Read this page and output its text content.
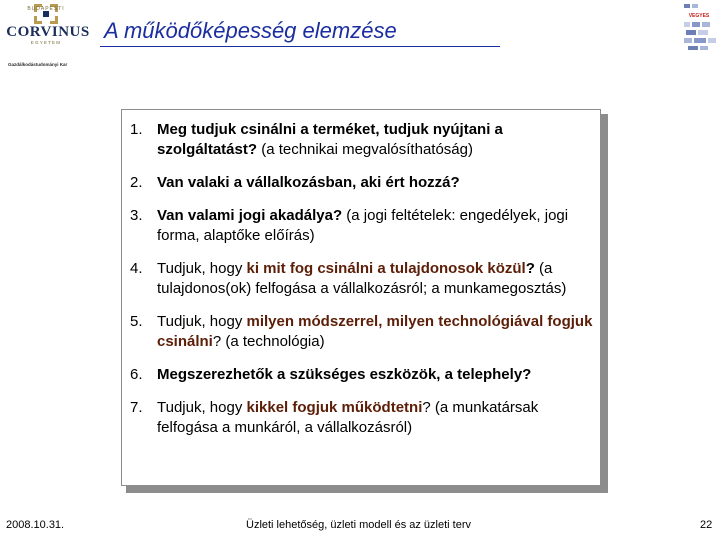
BUDAPESTI
CORVINUS
EGYETEM
Gazdálkodástudományi Kar
A működőképesség elemzése
VEGYES
1. Meg tudjuk csinálni a terméket, tudjuk nyújtani a szolgáltatást? (a technikai megvalósíthatóság)
2. Van valaki a vállalkozásban, aki ért hozzá?
3. Van valami jogi akadálya? (a jogi feltételek: engedélyek, jogi forma, alaptőke előírás)
4. Tudjuk, hogy ki mit fog csinálni a tulajdonosok közül? (a tulajdonos(ok) felfogása a vállalkozásról; a munkamegosztás)
5. Tudjuk, hogy milyen módszerrel, milyen technológiával fogjuk csinálni? (a technológia)
6. Megszerezhetők a szükséges eszközök, a telephely?
7. Tudjuk, hogy kikkel fogjuk működtetni? (a munkatársak felfogása a munkáról, a vállalkozásról)
2008.10.31.	Üzleti lehetőség, üzleti modell és az üzleti terv	22
